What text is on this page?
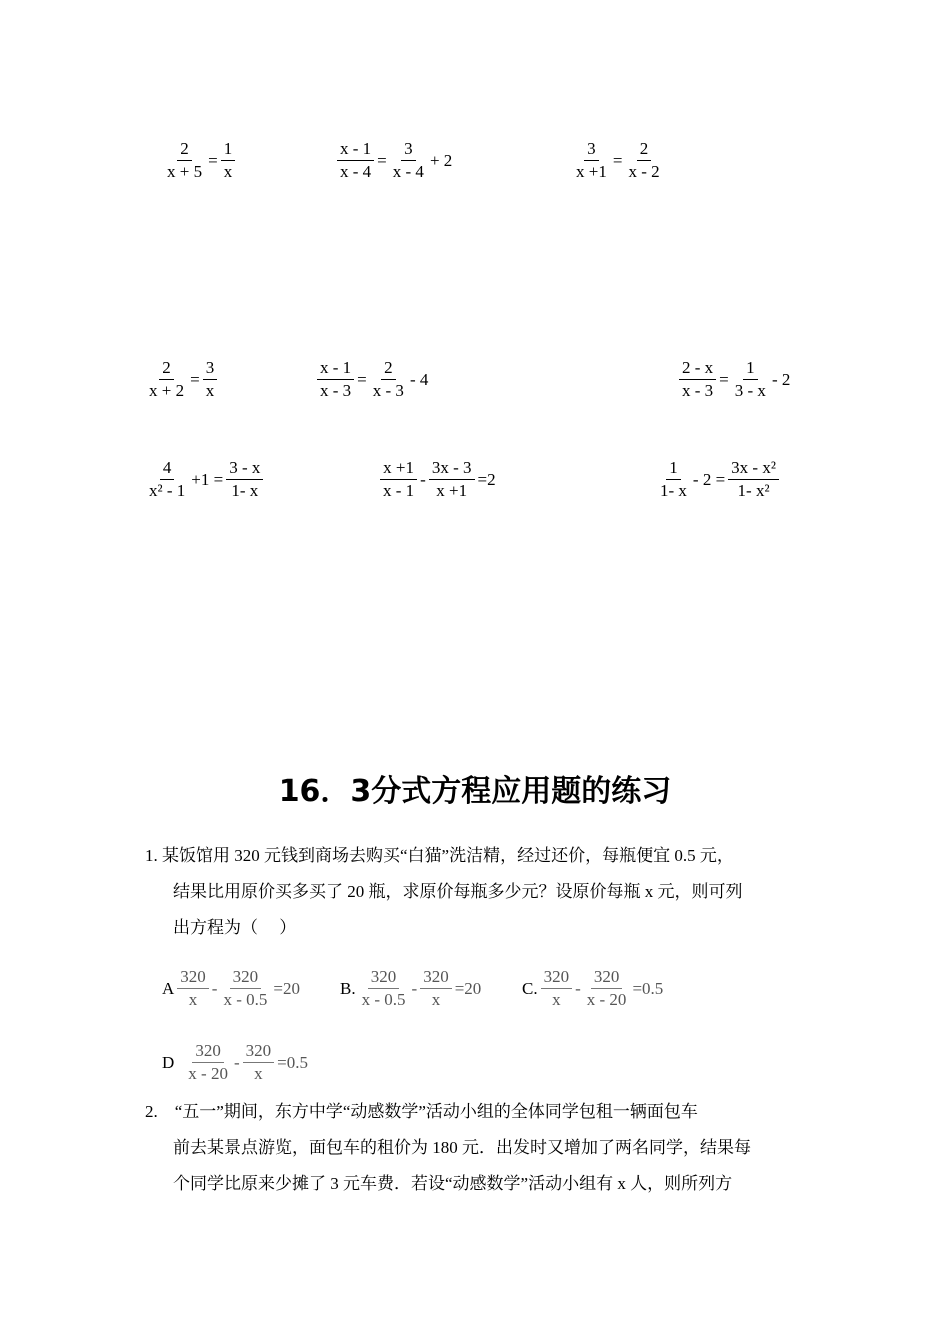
$\frac{2}{x + 5} = \frac{1}{x}$	$\frac{x - 1}{x - 4} = \frac{3}{x - 4} + 2$	$\frac{3}{x +1} = \frac{2}{x - 2}$
$\frac{2}{x + 2} = \frac{3}{x}$	$\frac{x - 1}{x - 3} = \frac{2}{x - 3} - 4$	$\frac{2 - x}{x - 3} = \frac{1}{3 - x} - 2$
$\frac{4}{\text{x² - 1}} +1 = \frac{3 - x}{1- x}$	$\frac{x +1}{x - 1} - \frac{3x - 3}{x +1} =2$	$\frac{1}{1- x} - 2 = \frac{\text{3x - x²}}{\text{1- x²}}$
16．3分式方程应用题的练习
1. 某饭馆用 320 元钱到商场去购买“白猫”洗洁精，经过还价，每瓶便宜 0.5 元，
结果比用原价买多买了 20 瓶，求原价每瓶多少元？设原价每瓶 x 元，则可列
出方程为（　 ）
A $\frac{320}{x} - \frac{320}{x - 0.5} =20$ B. $\frac{320}{x - 0.5} - \frac{320}{x} =20$ C. $\frac{320}{x} - \frac{320}{x - 20} =0.5$
D $\frac{320}{x - 20} - \frac{320}{x} =0.5$
2.　“五一”期间，东方中学“动感数学”活动小组的全体同学包租一辆面包车
前去某景点游览，面包车的租价为 180 元．出发时又增加了两名同学，结果每
个同学比原来少摊了 3 元车费．若设“动感数学”活动小组有 x 人，则所列方
